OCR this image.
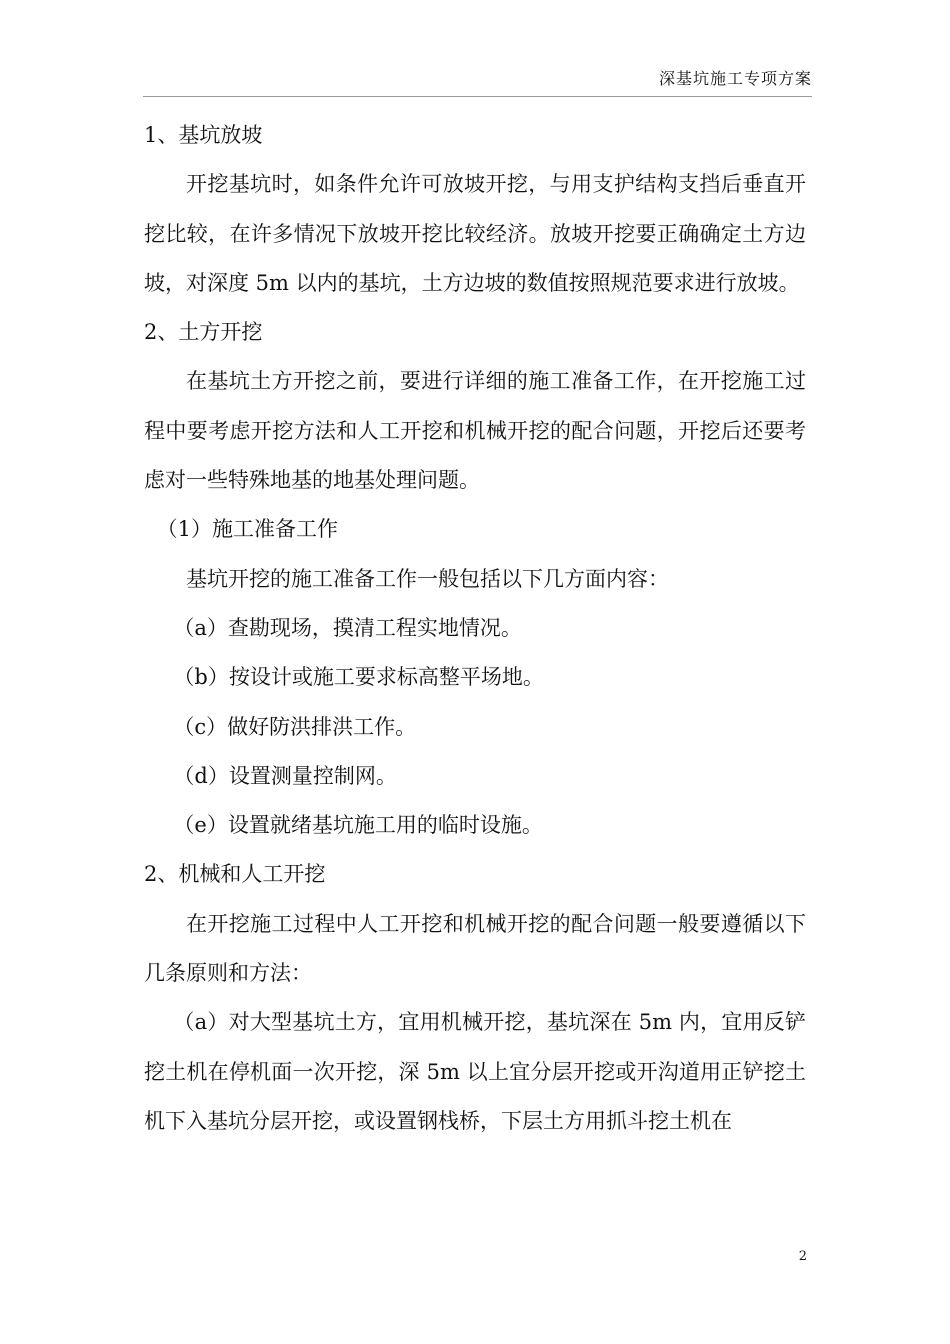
深基坑施工专项方案

1、基坑放坡

开挖基坑时，如条件允许可放坡开挖，与用支护结构支挡后垂直开挖比较，在许多情况下放坡开挖比较经济。放坡开挖要正确确定土方边坡，对深度 5m 以内的基坑，土方边坡的数值按照规范要求进行放坡。

2、土方开挖

在基坑土方开挖之前，要进行详细的施工准备工作，在开挖施工过程中要考虑开挖方法和人工开挖和机械开挖的配合问题，开挖后还要考虑对一些特殊地基的地基处理问题。

（1）施工准备工作

基坑开挖的施工准备工作一般包括以下几方面内容：

（a）查勘现场，摸清工程实地情况。

（b）按设计或施工要求标高整平场地。

（c）做好防洪排洪工作。

（d）设置测量控制网。

（e）设置就绪基坑施工用的临时设施。

2、机械和人工开挖

在开挖施工过程中人工开挖和机械开挖的配合问题一般要遵循以下几条原则和方法：

（a）对大型基坑土方，宜用机械开挖，基坑深在 5m 内，宜用反铲挖土机在停机面一次开挖，深 5m 以上宜分层开挖或开沟道用正铲挖土机下入基坑分层开挖，或设置钢栈桥，下层土方用抓斗挖土机在

2
